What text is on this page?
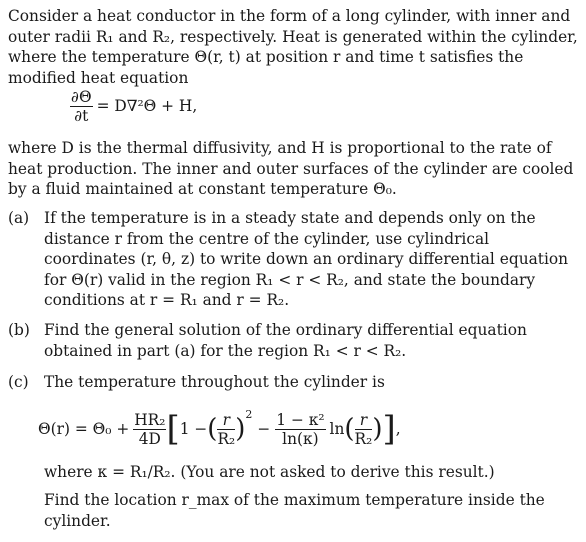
Consider a heat conductor in the form of a long cylinder, with inner and outer radii R₁ and R₂, respectively. Heat is generated within the cylinder, where the temperature Θ(r, t) at position r and time t satisfies the modified heat equation

$\frac{\partial\Theta}{\partial t} = D\nabla^2\Theta + H$,

where D is the thermal diffusivity, and H is proportional to the rate of heat production. The inner and outer surfaces of the cylinder are cooled by a fluid maintained at constant temperature Θ₀.

(a) If the temperature is in a steady state and depends only on the distance r from the centre of the cylinder, use cylindrical coordinates (r, θ, z) to write down an ordinary differential equation for Θ(r) valid in the region R₁ < r < R₂, and state the boundary conditions at r = R₁ and r = R₂.

(b) Find the general solution of the ordinary differential equation obtained in part (a) for the region R₁ < r < R₂.

(c) The temperature throughout the cylinder is

$\Theta(r) = \Theta_0 + \frac{\text{HR₂}}{4D}$ [ 1 − ( $\frac{r}{\text{R₂}}$ ) 2
− $\frac{\text{1 − κ²}}{\ln(\kappa)}$ ln ( $\frac{r}{\text{R₂}}$ ) ] ,

where κ = R₁/R₂. (You are not asked to derive this result.)

Find the location r_max of the maximum temperature inside the cylinder.
